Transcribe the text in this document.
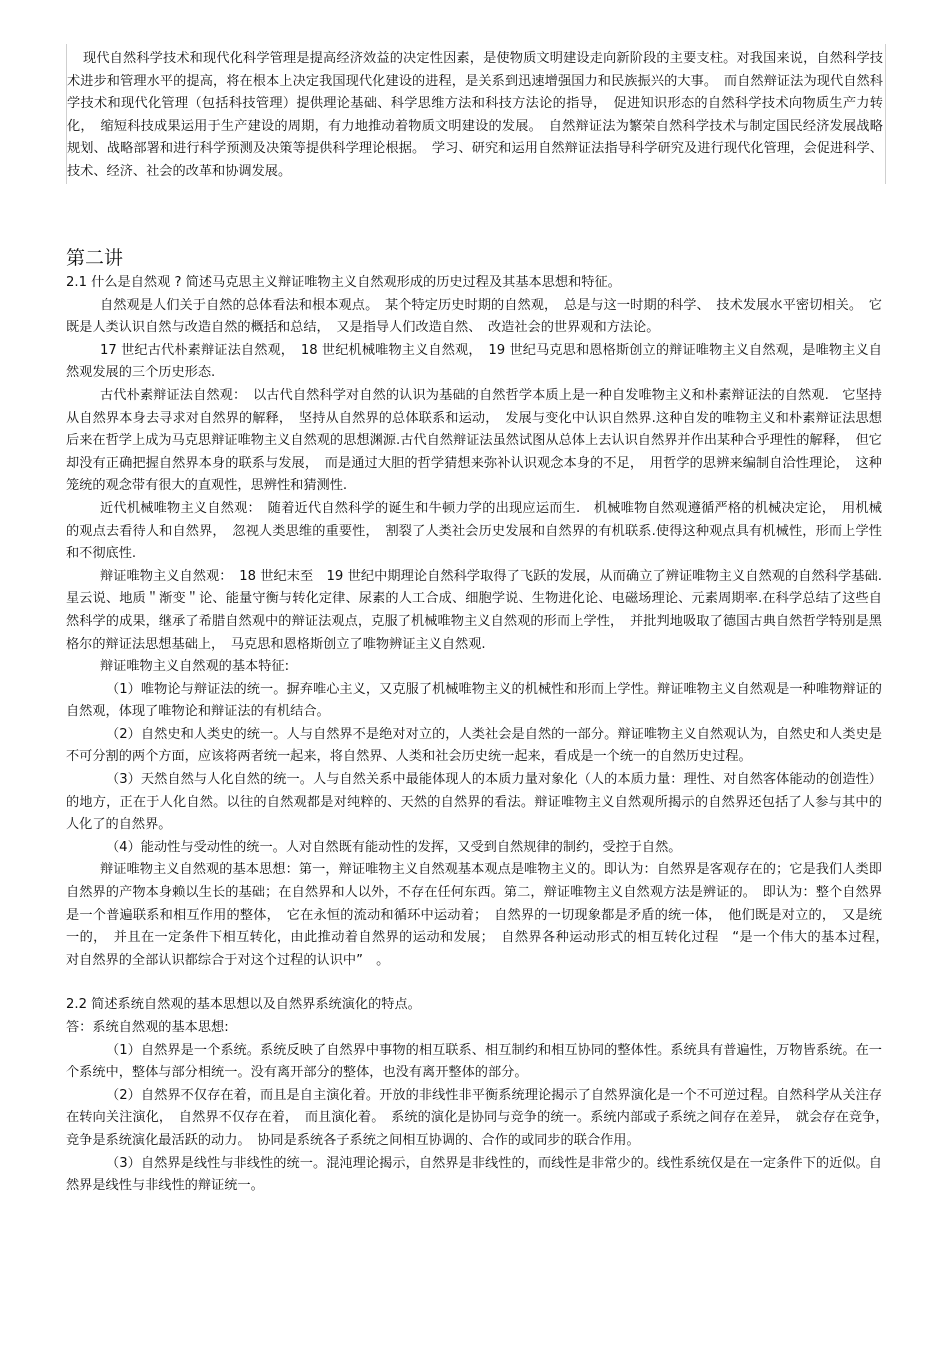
现代自然科学技术和现代化科学管理是提高经济效益的决定性因素，是使物质文明建设走向新阶段的主要支柱。对我国来说，自然科学技术进步和管理水平的提高，将在根本上决定我国现代化建设的进程，是关系到迅速增强国力和民族振兴的大事。　而自然辩证法为现代自然科学技术和现代化管理（包括科技管理）提供理论基础、科学思维方法和科技方法论的指导，　促进知识形态的自然科学技术向物质生产力转化，　缩短科技成果运用于生产建设的周期，有力地推动着物质文明建设的发展。　自然辩证法为繁荣自然科学技术与制定国民经济发展战略规划、战略部署和进行科学预测及决策等提供科学理论根据。　学习、研究和运用自然辩证法指导科学研究及进行现代化管理，会促进科学、技术、经济、社会的改革和协调发展。

第二讲

2.1 什么是自然观 ? 简述马克思主义辩证唯物主义自然观形成的历史过程及其基本思想和特征。

自然观是人们关于自然的总体看法和根本观点。　某个特定历史时期的自然观，　总是与这一时期的科学、　技术发展水平密切相关。　它既是人类认识自然与改造自然的概括和总结，　又是指导人们改造自然、　改造社会的世界观和方法论。

17 世纪古代朴素辩证法自然观，　18 世纪机械唯物主义自然观，　19 世纪马克思和恩格斯创立的辩证唯物主义自然观，是唯物主义自然观发展的三个历史形态.

古代朴素辩证法自然观：　以古代自然科学对自然的认识为基础的自然哲学本质上是一种自发唯物主义和朴素辩证法的自然观.　它坚持从自然界本身去寻求对自然界的解释，　坚持从自然界的总体联系和运动，　发展与变化中认识自然界.这种自发的唯物主义和朴素辩证法思想后来在哲学上成为马克思辩证唯物主义自然观的思想渊源.古代自然辩证法虽然试图从总体上去认识自然界并作出某种合乎理性的解释，　但它却没有正确把握自然界本身的联系与发展，　而是通过大胆的哲学猜想来弥补认识观念本身的不足，　用哲学的思辨来编制自洽性理论，　这种笼统的观念带有很大的直观性，思辨性和猜测性.

近代机械唯物主义自然观：　随着近代自然科学的诞生和牛顿力学的出现应运而生.　机械唯物自然观遵循严格的机械决定论，　用机械的观点去看待人和自然界，　忽视人类思维的重要性，　割裂了人类社会历史发展和自然界的有机联系.使得这种观点具有机械性，形而上学性和不彻底性.

辩证唯物主义自然观：　18 世纪末至　19 世纪中期理论自然科学取得了飞跃的发展，从而确立了辨证唯物主义自然观的自然科学基础.星云说、地质＂渐变＂论、能量守衡与转化定律、尿素的人工合成、细胞学说、生物进化论、电磁场理论、元素周期率.在科学总结了这些自然科学的成果，继承了希腊自然观中的辩证法观点，克服了机械唯物主义自然观的形而上学性，　并批判地吸取了德国古典自然哲学特别是黑格尔的辩证法思想基础上，　马克思和恩格斯创立了唯物辨证主义自然观.

辩证唯物主义自然观的基本特征:

（1）唯物论与辩证法的统一。摒弃唯心主义，又克服了机械唯物主义的机械性和形而上学性。辩证唯物主义自然观是一种唯物辩证的自然观，体现了唯物论和辩证法的有机结合。

（2）自然史和人类史的统一。人与自然界不是绝对对立的，人类社会是自然的一部分。辩证唯物主义自然观认为，自然史和人类史是不可分割的两个方面，应该将两者统一起来，将自然界、人类和社会历史统一起来，看成是一个统一的自然历史过程。

（3）天然自然与人化自然的统一。人与自然关系中最能体现人的本质力量对象化（人的本质力量：理性、对自然客体能动的创造性）的地方，正在于人化自然。以往的自然观都是对纯粹的、天然的自然界的看法。辩证唯物主义自然观所揭示的自然界还包括了人参与其中的人化了的自然界。

（4）能动性与受动性的统一。人对自然既有能动性的发挥，又受到自然规律的制约，受控于自然。

辩证唯物主义自然观的基本思想：第一，辩证唯物主义自然观基本观点是唯物主义的。即认为：自然界是客观存在的；它是我们人类即自然界的产物本身赖以生长的基础；在自然界和人以外，不存在任何东西。第二，辩证唯物主义自然观方法是辨证的。　即认为：整个自然界是一个普遍联系和相互作用的整体，　它在永恒的流动和循环中运动着；　自然界的一切现象都是矛盾的统一体，　他们既是对立的，　又是统一的，　并且在一定条件下相互转化，由此推动着自然界的运动和发展；　自然界各种运动形式的相互转化过程　“是一个伟大的基本过程，　对自然界的全部认识都综合于对这个过程的认识中”　。

2.2 简述系统自然观的基本思想以及自然界系统演化的特点。

答：系统自然观的基本思想:

（1）自然界是一个系统。系统反映了自然界中事物的相互联系、相互制约和相互协同的整体性。系统具有普遍性，万物皆系统。在一个系统中，整体与部分相统一。没有离开部分的整体，也没有离开整体的部分。

（2）自然界不仅存在着，而且是自主演化着。开放的非线性非平衡系统理论揭示了自然界演化是一个不可逆过程。自然科学从关注存在转向关注演化，　自然界不仅存在着，　而且演化着。　系统的演化是协同与竞争的统一。系统内部或子系统之间存在差异，　就会存在竞争，　竞争是系统演化最活跃的动力。　协同是系统各子系统之间相互协调的、合作的或同步的联合作用。

（3）自然界是线性与非线性的统一。混沌理论揭示，自然界是非线性的，而线性是非常少的。线性系统仅是在一定条件下的近似。自然界是线性与非线性的辩证统一。
